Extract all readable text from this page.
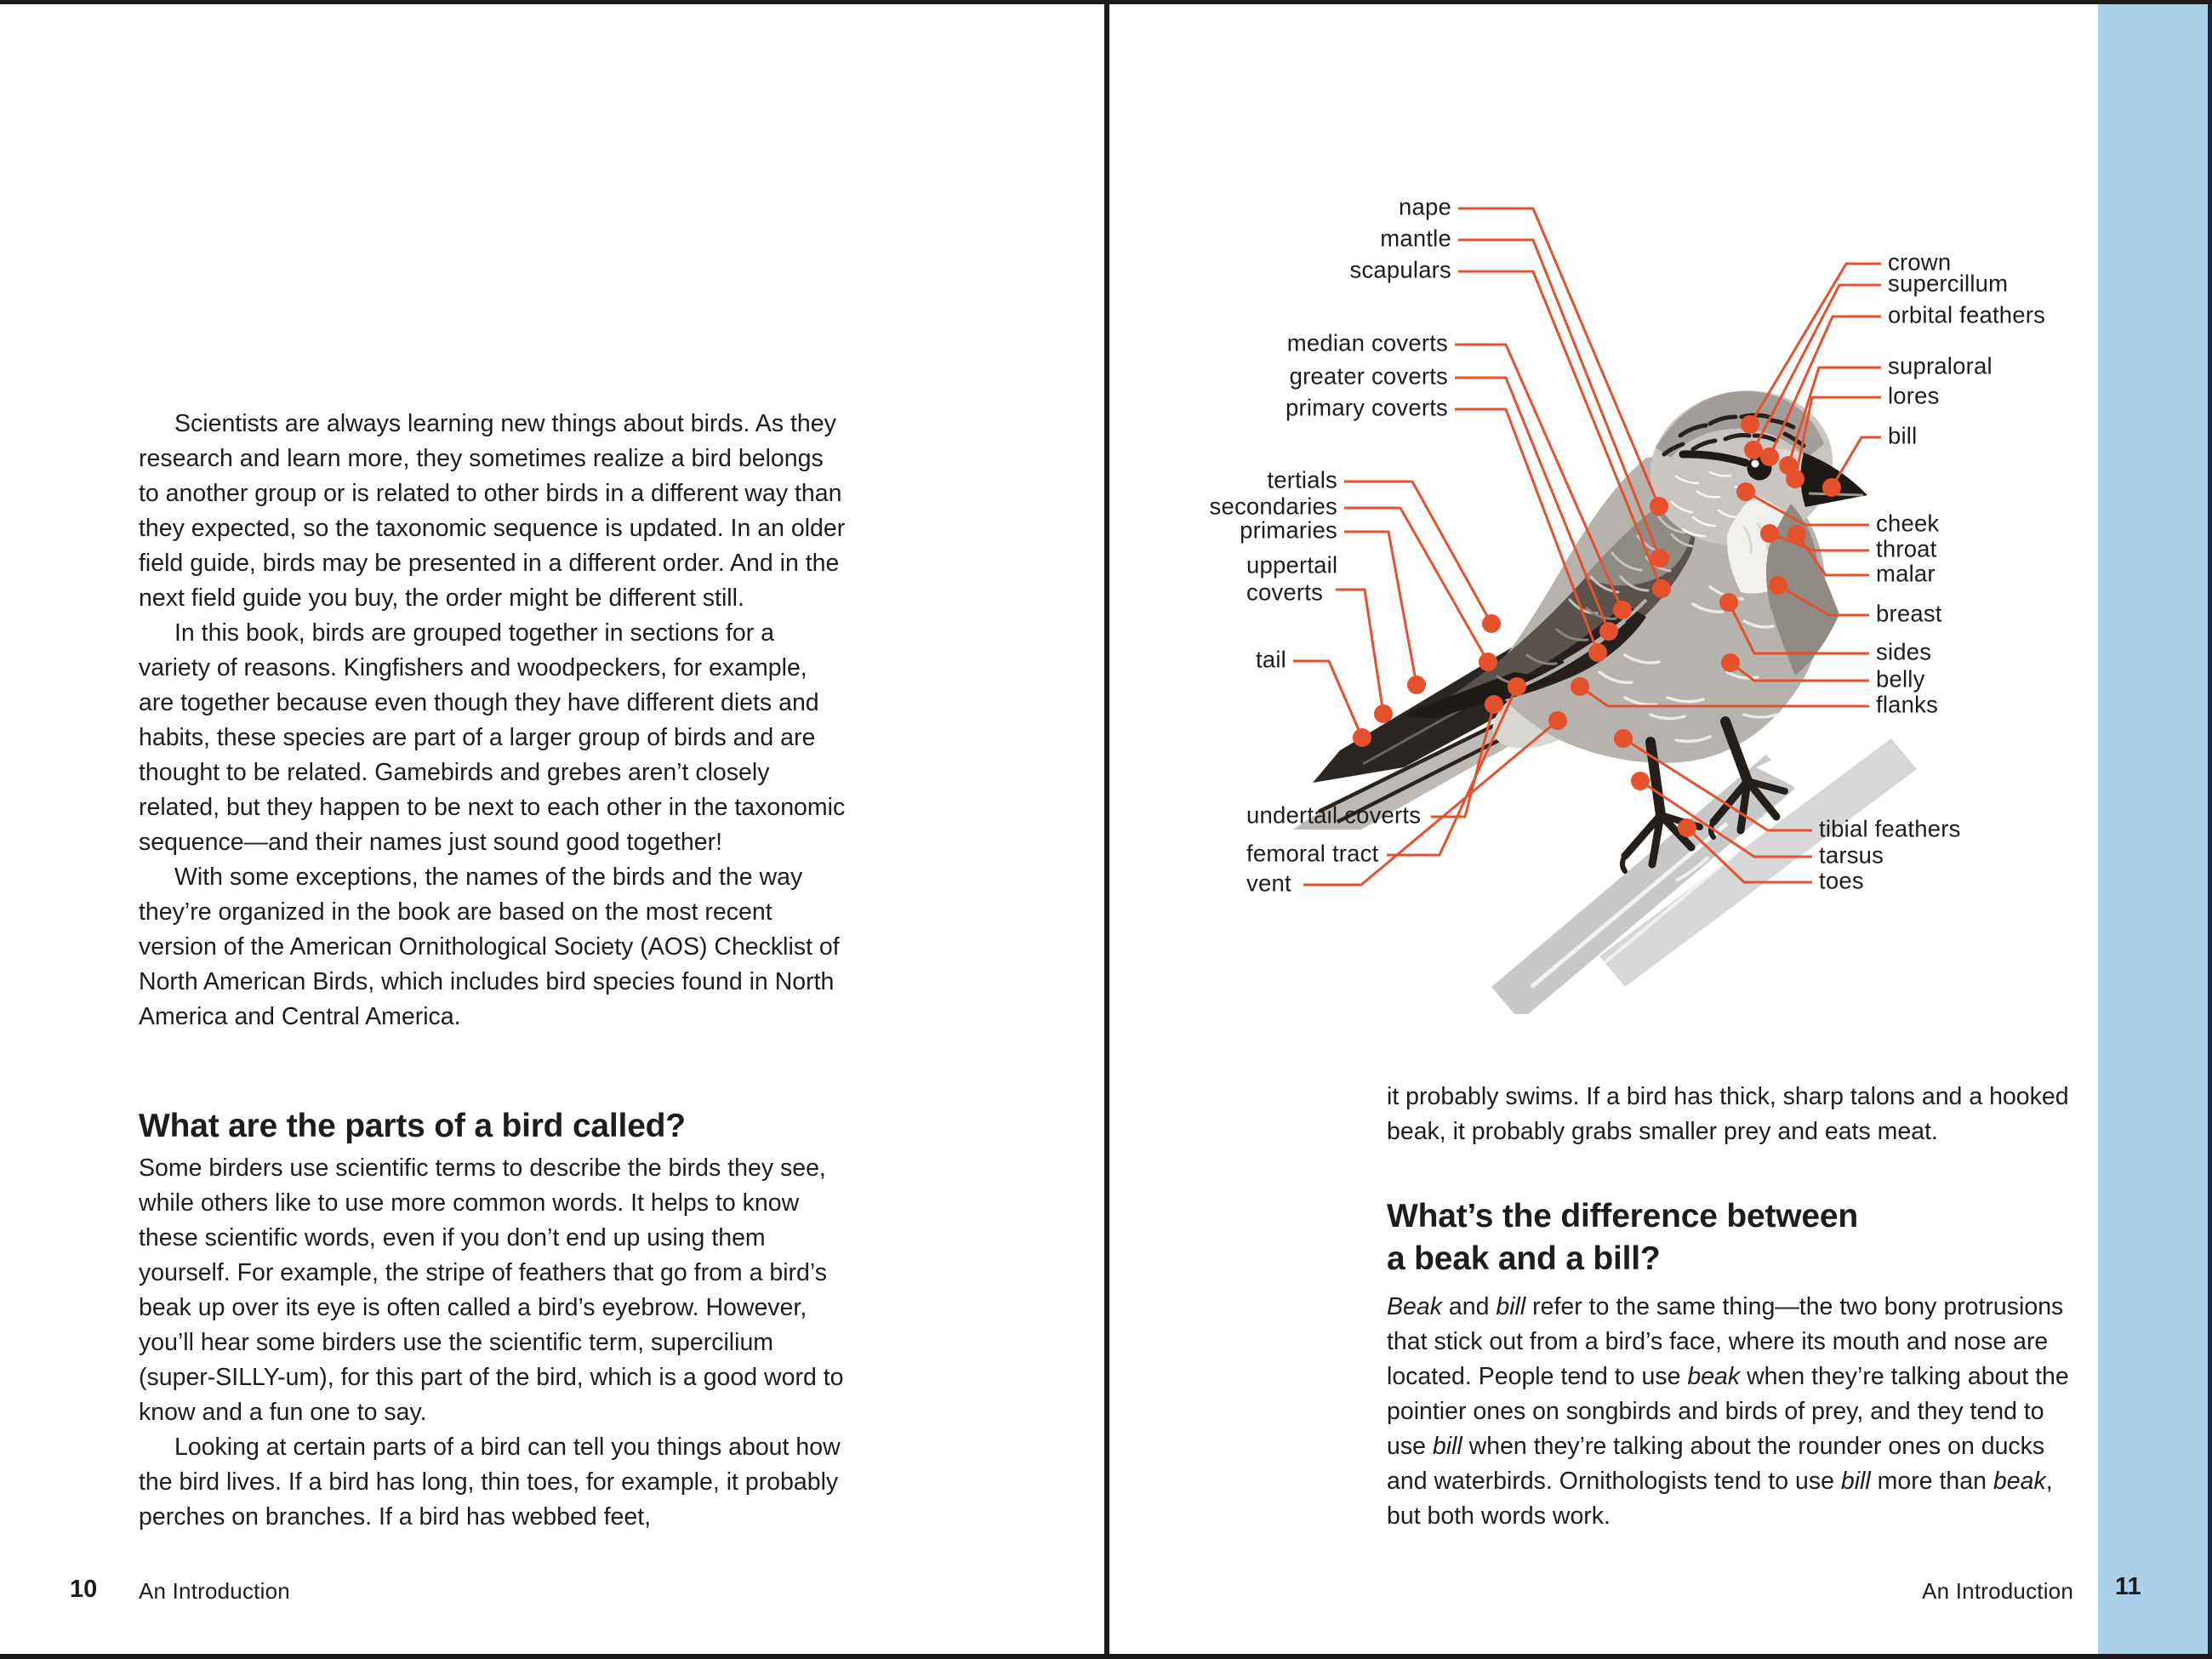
Scientists are always learning new things about birds. As they research and learn more, they sometimes realize a bird belongs to another group or is related to other birds in a different way than they expected, so the taxonomic sequence is updated. In an older field guide, birds may be presented in a different order. And in the next field guide you buy, the order might be different still.

In this book, birds are grouped together in sections for a variety of reasons. Kingfishers and woodpeckers, for example, are together because even though they have different diets and habits, these species are part of a larger group of birds and are thought to be related. Gamebirds and grebes aren’t closely related, but they happen to be next to each other in the taxonomic sequence—and their names just sound good together!

With some exceptions, the names of the birds and the way they’re organized in the book are based on the most recent version of the American Ornithological Society (AOS) Checklist of North American Birds, which includes bird species found in North America and Central America.

What are the parts of a bird called?

Some birders use scientific terms to describe the birds they see, while others like to use more common words. It helps to know these scientific words, even if you don’t end up using them yourself. For example, the stripe of feathers that go from a bird’s beak up over its eye is often called a bird’s eyebrow. However, you’ll hear some birders use the scientific term, supercilium (super-SILLY-um), for this part of the bird, which is a good word to know and a fun one to say.

Looking at certain parts of a bird can tell you things about how the bird lives. If a bird has long, thin toes, for example, it probably perches on branches. If a bird has webbed feet,

10 An Introduction
nape
mantle
scapulars
median coverts
greater coverts
primary coverts
tertials
secondaries
primaries
uppertail
coverts
tail
undertail coverts
femoral tract
vent
crown
supercillum
orbital feathers
supraloral
lores
bill
cheek
throat
malar
breast
sides
belly
flanks
tibial feathers
tarsus
toes

it probably swims. If a bird has thick, sharp talons and a hooked beak, it probably grabs smaller prey and eats meat.

What’s the difference between
a beak and a bill?

Beak and bill refer to the same thing—the two bony protrusions that stick out from a bird’s face, where its mouth and nose are located. People tend to use beak when they’re talking about the pointier ones on songbirds and birds of prey, and they tend to use bill when they’re talking about the rounder ones on ducks and waterbirds. Ornithologists tend to use bill more than beak, but both words work.

An Introduction 11
